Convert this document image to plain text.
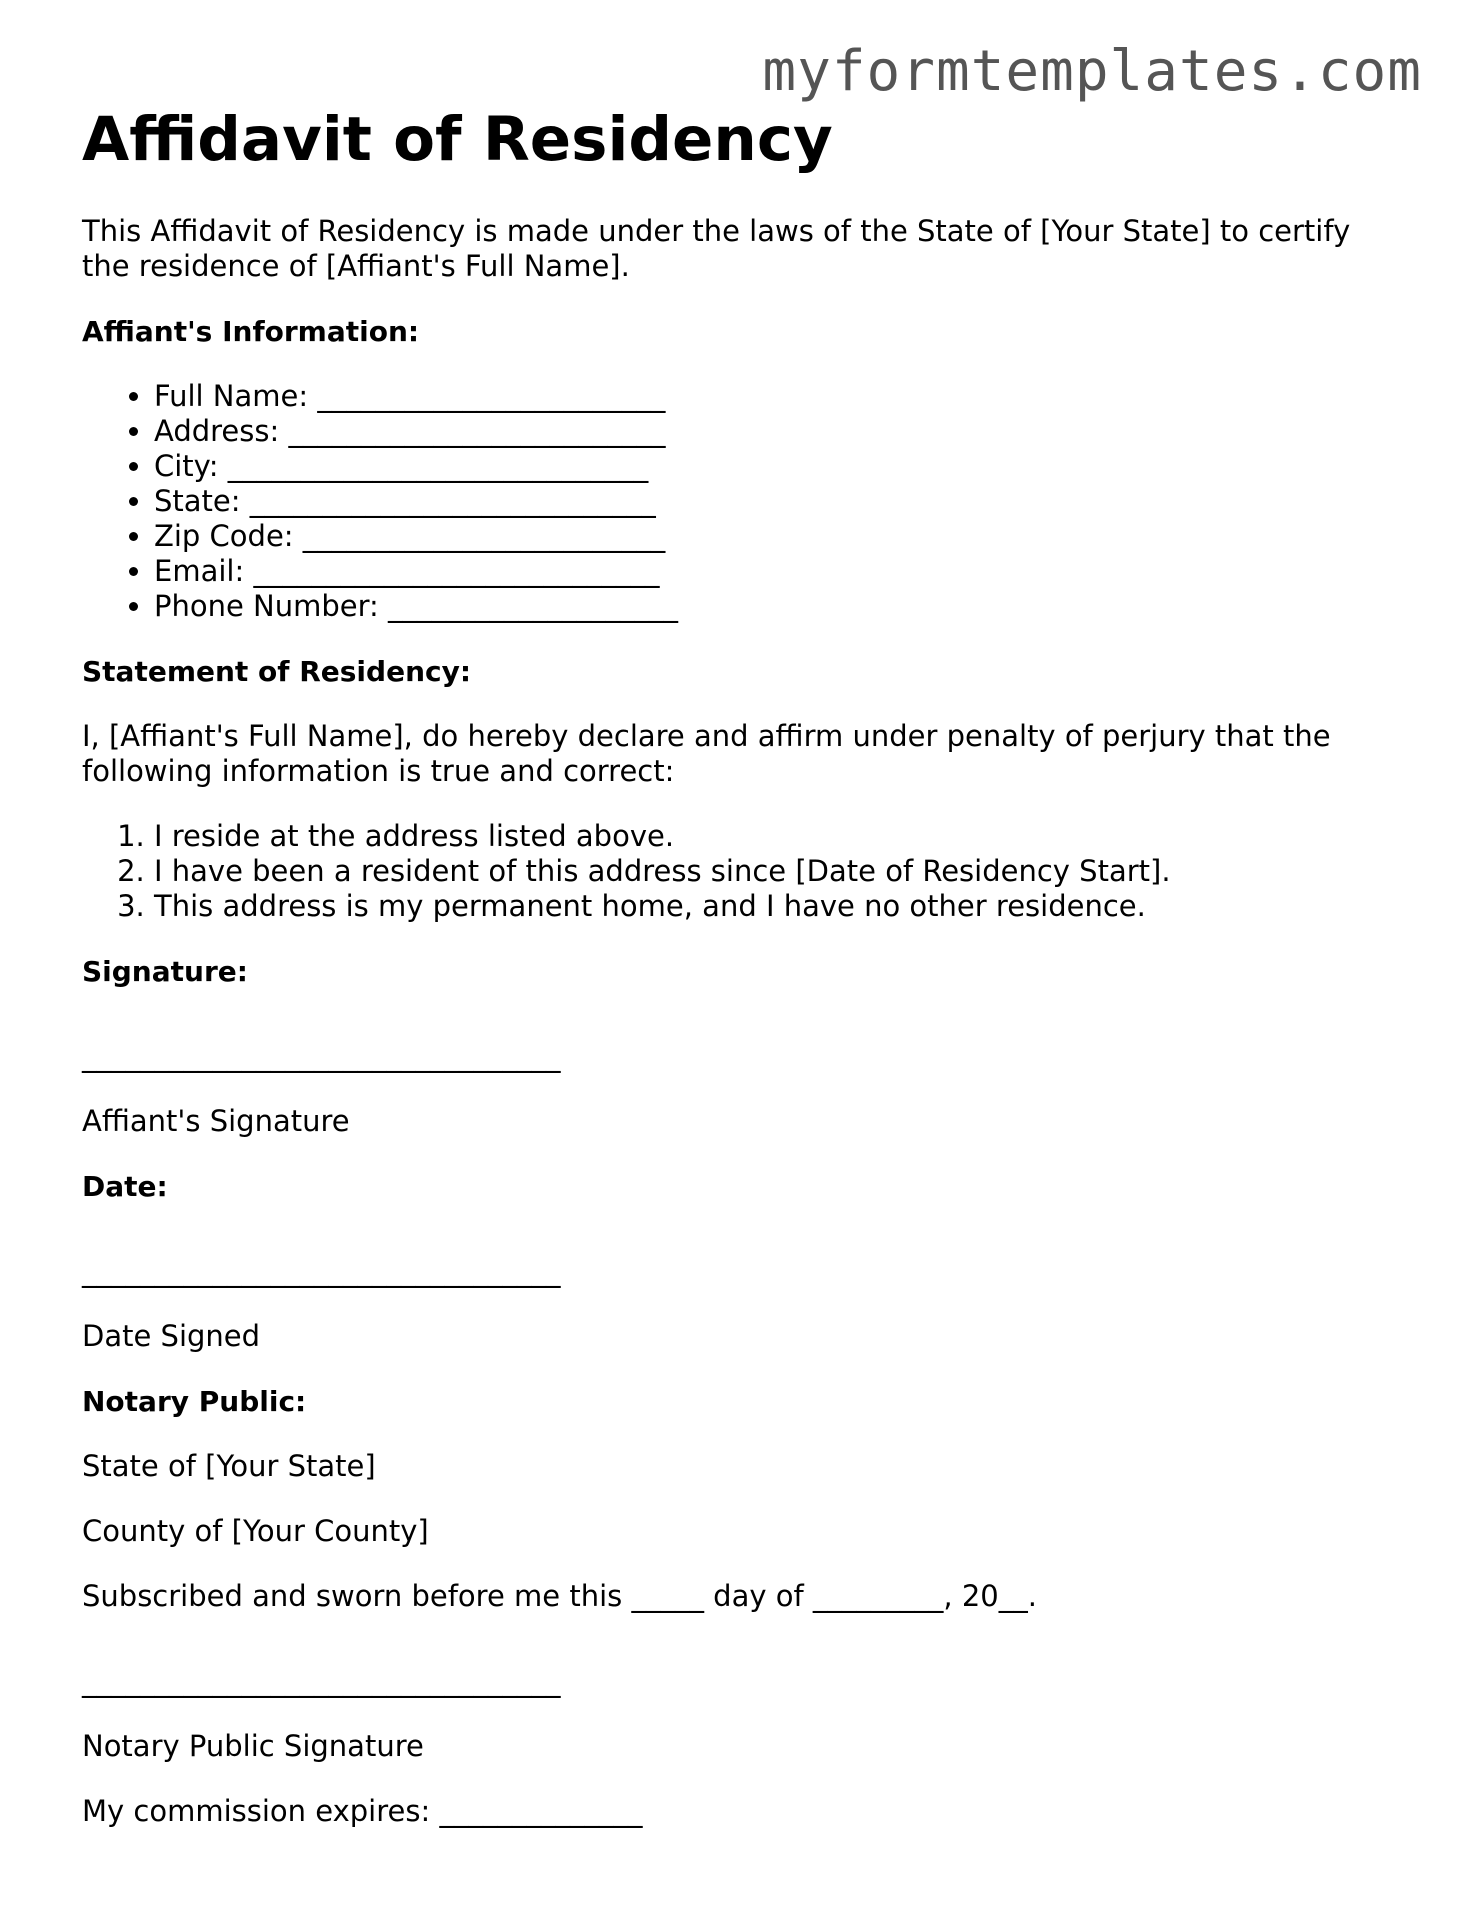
myformtemplates.com
Affidavit of Residency

This Affidavit of Residency is made under the laws of the State of [Your State] to certify the residence of [Affiant's Full Name].

Affiant's Information:

• Full Name: ________________________
• Address: __________________________
• City: _____________________________
• State: ____________________________
• Zip Code: _________________________
• Email: ____________________________
• Phone Number: ____________________

Statement of Residency:

I, [Affiant's Full Name], do hereby declare and affirm under penalty of perjury that the following information is true and correct:

1. I reside at the address listed above.
2. I have been a resident of this address since [Date of Residency Start].
3. This address is my permanent home, and I have no other residence.

Signature:

_________________________________

Affiant's Signature

Date:

_________________________________

Date Signed

Notary Public:

State of [Your State]

County of [Your County]

Subscribed and sworn before me this _____ day of _________, 20__.

_________________________________

Notary Public Signature

My commission expires: ______________
